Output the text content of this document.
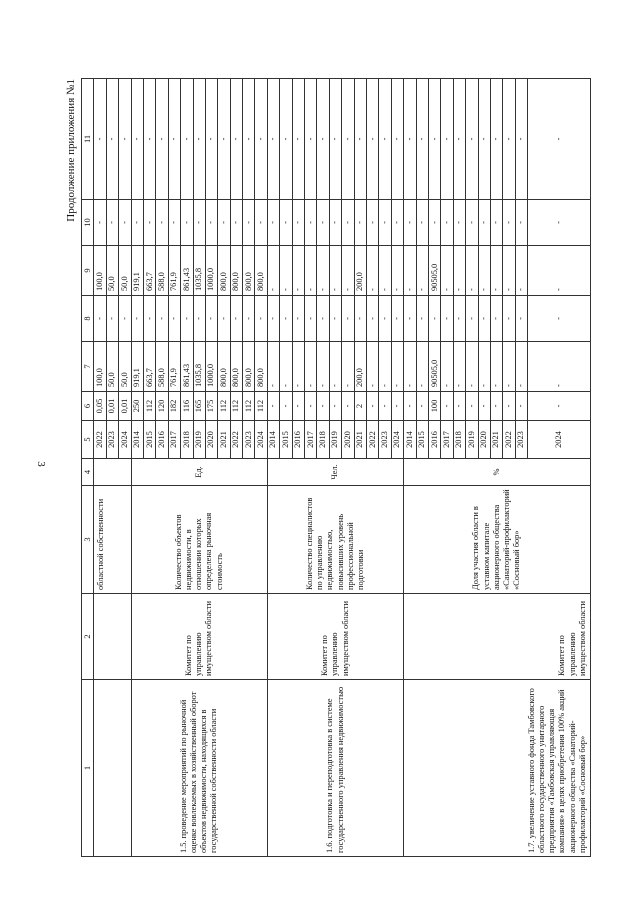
3
Продолжение приложения №1
1	2	3	4	5	6	7	8	9	10	11
		областной собственности		2022	0,05	100,0	-	100,0	-	-
				2023	0,01	50,0	-	50,0	-	-
				2024	0,01	50,0	-	50,0	-	-
1.5. проведение мероприятий по рыночной оценке вовлекаемых в хозяйственный оборот объектов недвижимости, находящихся в государственной собственности области	Комитет по управлению имуществом области	Количество объектов недвижимости, в отношении которых определена рыночная стоимость	Ед.	2014	250	919,1	-	919,1	-	-
				2015	112	663,7	-	663,7	-	-
				2016	120	588,0	-	588,0	-	-
				2017	182	761,9	-	761,9	-	-
				2018	116	861,43	-	861,43	-	-
				2019	165	1035,8	-	1035,8	-	-
				2020	175	1000,0	-	1000,0	-	-
				2021	112	800,0	-	800,0	-	-
				2022	112	800,0	-	800,0	-	-
				2023	112	800,0	-	800,0	-	-
				2024	112	800,0	-	800,0	-	-
1.6. подготовка и переподготовка в системе государственного управления недвижимостью	Комитет по управлению имуществом области	Количество специалистов по управлению недвижимостью, повысивших уровень профессиональной подготовки	Чел.	2014	-	-	-	-	-	-
				2015	-	-	-	-	-	-
				2016	-	-	-	-	-	-
				2017	-	-	-	-	-	-
				2018	-	-	-	-	-	-
				2019	-	-	-	-	-	-
				2020	-	-	-	-	-	-
				2021	2	200,0	-	200,0	-	-
				2022	-	-	-	-	-	-
				2023	-	-	-	-	-	-
				2024	-	-	-	-	-	-
1.7. увеличение уставного фонда Тамбовского областного государственного унитарного предприятия «Тамбовская управляющая компания» в целях приобретения 100% акций акционерного общества «Санаторий-профилакторий «Сосновый бор»	Комитет по управлению имуществом области	Доля участия области в уставном капитале акционерного общества «Санаторий-профилакторий «Сосновый бор»	%	2014	-	-	-	-	-	-
				2015	-	-	-	-	-	-
				2016	100	90505,0	-	90505,0	-	-
				2017	-	-	-	-	-	-
				2018	-	-	-	-	-	-
				2019	-	-	-	-	-	-
				2020	-	-	-	-	-	-
				2021	-	-	-	-	-	-
				2022	-	-	-	-	-	-
				2023	-	-	-	-	-	-
				2024	-	-	-	-	-	-
